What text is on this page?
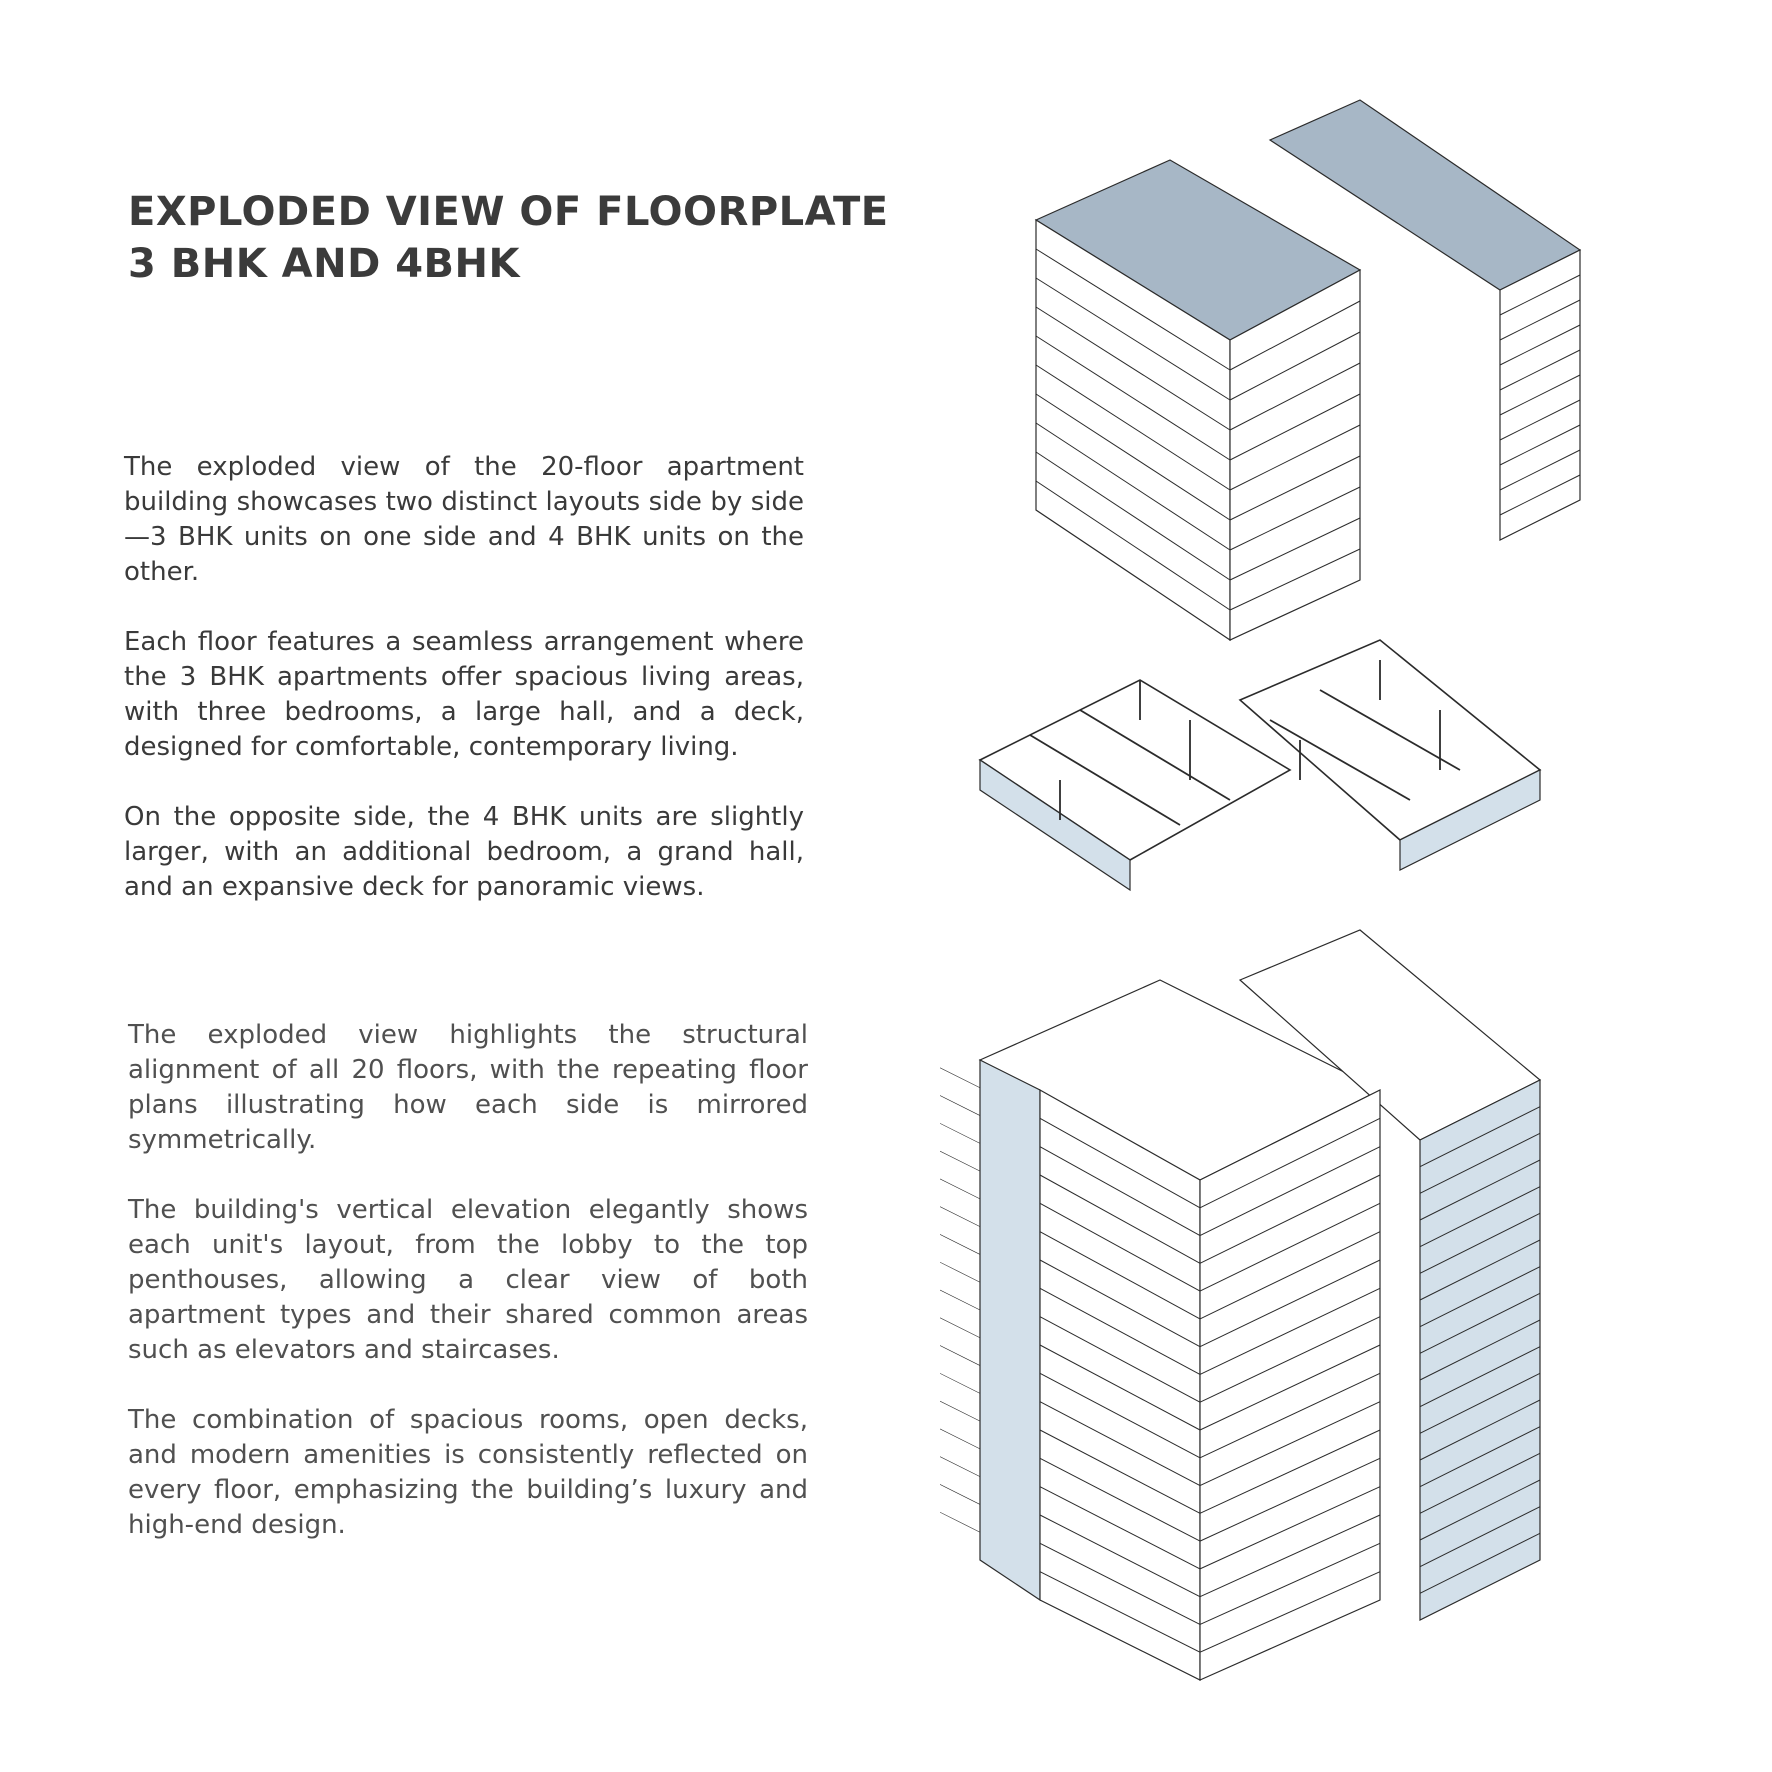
EXPLODED VIEW OF FLOORPLATE
3 BHK AND 4BHK

The exploded view of the 20-floor apartment building showcases two distinct layouts side by side—3 BHK units on one side and 4 BHK units on the other.

Each floor features a seamless arrangement where the 3 BHK apartments offer spacious living areas, with three bedrooms, a large hall, and a deck, designed for comfortable, contemporary living.

On the opposite side, the 4 BHK units are slightly larger, with an additional bedroom, a grand hall, and an expansive deck for panoramic views.

The exploded view highlights the structural alignment of all 20 floors, with the repeating floor plans illustrating how each side is mirrored symmetrically.

The building's vertical elevation elegantly shows each unit's layout, from the lobby to the top penthouses, allowing a clear view of both apartment types and their shared common areas such as elevators and staircases.

The combination of spacious rooms, open decks, and modern amenities is consistently reflected on every floor, emphasizing the building’s luxury and high-end design.
